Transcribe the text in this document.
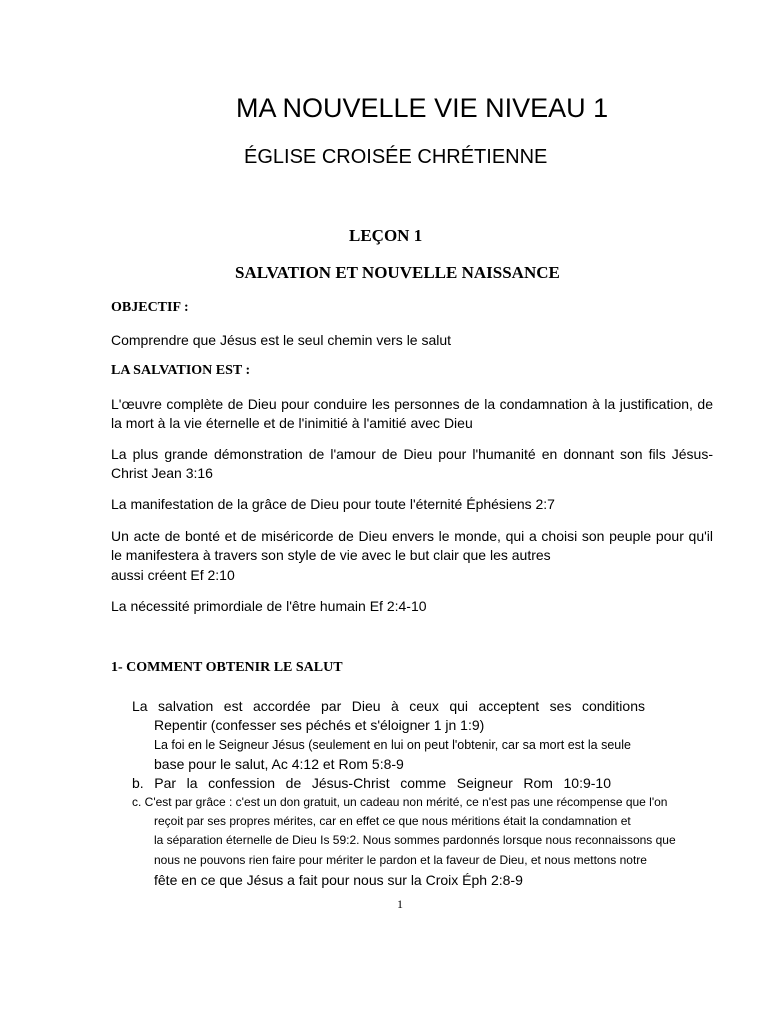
MA NOUVELLE VIE NIVEAU 1
ÉGLISE CROISÉE CHRÉTIENNE
LEÇON 1
SALVATION ET NOUVELLE NAISSANCE
OBJECTIF :
Comprendre que Jésus est le seul chemin vers le salut
LA SALVATION EST :
L'œuvre complète de Dieu pour conduire les personnes de la condamnation à la justification, de la mort à la vie éternelle et de l'inimitié à l'amitié avec Dieu
La plus grande démonstration de l'amour de Dieu pour l'humanité en donnant son fils Jésus-Christ Jean 3:16
La manifestation de la grâce de Dieu pour toute l'éternité Éphésiens 2:7
Un acte de bonté et de miséricorde de Dieu envers le monde, qui a choisi son peuple pour qu'il le manifestera à travers son style de vie avec le but clair que les autres
aussi créent Ef 2:10
La nécessité primordiale de l'être humain Ef 2:4-10
1- COMMENT OBTENIR LE SALUT
La salvation est accordée par Dieu à ceux qui acceptent ses conditions
Repentir (confesser ses péchés et s'éloigner 1 jn 1:9)
La foi en le Seigneur Jésus (seulement en lui on peut l'obtenir, car sa mort est la seule
base pour le salut, Ac 4:12 et Rom 5:8-9
b. Par la confession de Jésus-Christ comme Seigneur Rom 10:9-10
c. C'est par grâce : c'est un don gratuit, un cadeau non mérité, ce n'est pas une récompense que l'on
reçoit par ses propres mérites, car en effet ce que nous méritions était la condamnation et
la séparation éternelle de Dieu Is 59:2. Nous sommes pardonnés lorsque nous reconnaissons que
nous ne pouvons rien faire pour mériter le pardon et la faveur de Dieu, et nous mettons notre
fête en ce que Jésus a fait pour nous sur la Croix Éph 2:8-9
1
